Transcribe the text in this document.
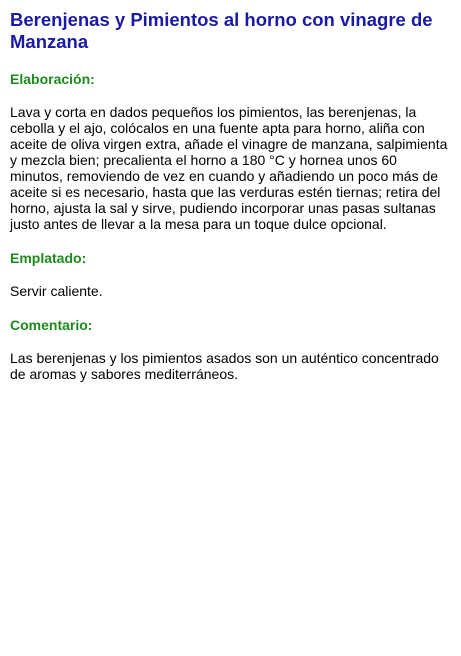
Berenjenas y Pimientos al horno con vinagre de Manzana
Elaboración:
Lava y corta en dados pequeños los pimientos, las berenjenas, la cebolla y el ajo, colócalos en una fuente apta para horno, aliña con aceite de oliva virgen extra, añade el vinagre de manzana, salpimienta y mezcla bien; precalienta el horno a 180 °C y hornea unos 60 minutos, removiendo de vez en cuando y añadiendo un poco más de aceite si es necesario, hasta que las verduras estén tiernas; retira del horno, ajusta la sal y sirve, pudiendo incorporar unas pasas sultanas justo antes de llevar a la mesa para un toque dulce opcional.
Emplatado:
Servir caliente.
Comentario:
Las berenjenas y los pimientos asados son un auténtico concentrado de aromas y sabores mediterráneos.
